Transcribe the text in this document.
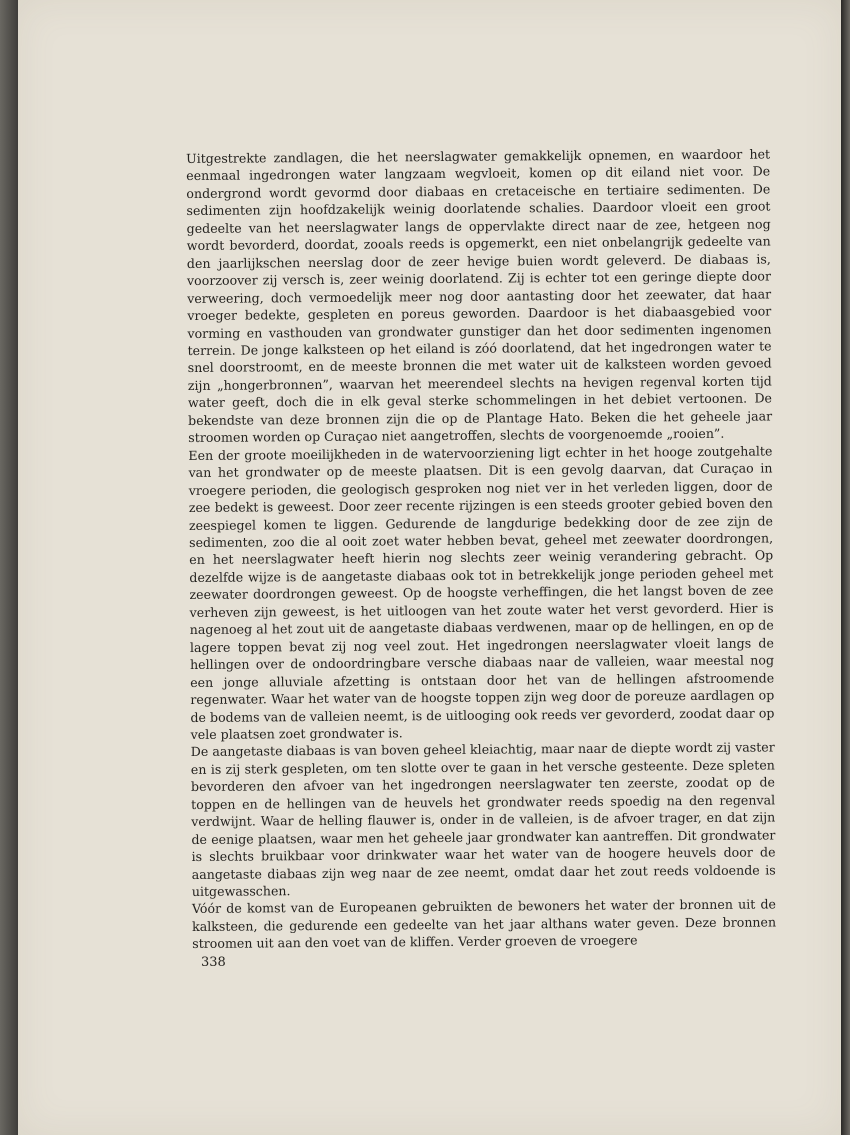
Uitgestrekte zandlagen, die het neerslagwater gemakkelijk opnemen, en waardoor het eenmaal ingedrongen water langzaam wegvloeit, komen op dit eiland niet voor. De ondergrond wordt gevormd door diabaas en cretaceische en tertiaire sedimenten. De sedimenten zijn hoofdzakelijk weinig doorlatende schalies. Daardoor vloeit een groot gedeelte van het neerslagwater langs de oppervlakte direct naar de zee, hetgeen nog wordt bevorderd, doordat, zooals reeds is opgemerkt, een niet onbelangrijk gedeelte van den jaarlijkschen neerslag door de zeer hevige buien wordt geleverd. De diabaas is, voorzoover zij versch is, zeer weinig doorlatend. Zij is echter tot een geringe diepte door verweering, doch vermoedelijk meer nog door aantasting door het zeewater, dat haar vroeger bedekte, gespleten en poreus geworden. Daardoor is het diabaasgebied voor vorming en vasthouden van grondwater gunstiger dan het door sedimenten ingenomen terrein. De jonge kalksteen op het eiland is zóó doorlatend, dat het ingedrongen water te snel doorstroomt, en de meeste bronnen die met water uit de kalksteen worden gevoed zijn „hongerbronnen”, waarvan het meerendeel slechts na hevigen regenval korten tijd water geeft, doch die in elk geval sterke schommelingen in het debiet vertoonen. De bekendste van deze bronnen zijn die op de Plantage Hato. Beken die het geheele jaar stroomen worden op Curaçao niet aangetroffen, slechts de voorgenoemde „rooien”.

Een der groote moeilijkheden in de watervoorziening ligt echter in het hooge zoutgehalte van het grondwater op de meeste plaatsen. Dit is een gevolg daarvan, dat Curaçao in vroegere perioden, die geologisch gesproken nog niet ver in het verleden liggen, door de zee bedekt is geweest. Door zeer recente rijzingen is een steeds grooter gebied boven den zeespiegel komen te liggen. Gedurende de langdurige bedekking door de zee zijn de sedimenten, zoo die al ooit zoet water hebben bevat, geheel met zeewater doordrongen, en het neerslagwater heeft hierin nog slechts zeer weinig verandering gebracht. Op dezelfde wijze is de aangetaste diabaas ook tot in betrekkelijk jonge perioden geheel met zeewater doordrongen geweest. Op de hoogste verheffingen, die het langst boven de zee verheven zijn geweest, is het uitloogen van het zoute water het verst gevorderd. Hier is nagenoeg al het zout uit de aangetaste diabaas verdwenen, maar op de hellingen, en op de lagere toppen bevat zij nog veel zout. Het ingedrongen neerslagwater vloeit langs de hellingen over de ondoordringbare versche diabaas naar de valleien, waar meestal nog een jonge alluviale afzetting is ontstaan door het van de hellingen afstroomende regenwater. Waar het water van de hoogste toppen zijn weg door de poreuze aardlagen op de bodems van de valleien neemt, is de uitlooging ook reeds ver gevorderd, zoodat daar op vele plaatsen zoet grondwater is.

De aangetaste diabaas is van boven geheel kleiachtig, maar naar de diepte wordt zij vaster en is zij sterk gespleten, om ten slotte over te gaan in het versche gesteente. Deze spleten bevorderen den afvoer van het ingedrongen neerslagwater ten zeerste, zoodat op de toppen en de hellingen van de heuvels het grondwater reeds spoedig na den regenval verdwijnt. Waar de helling flauwer is, onder in de valleien, is de afvoer trager, en dat zijn de eenige plaatsen, waar men het geheele jaar grondwater kan aantreffen. Dit grondwater is slechts bruikbaar voor drinkwater waar het water van de hoogere heuvels door de aangetaste diabaas zijn weg naar de zee neemt, omdat daar het zout reeds voldoende is uitgewasschen.

Vóór de komst van de Europeanen gebruikten de bewoners het water der bronnen uit de kalksteen, die gedurende een gedeelte van het jaar althans water geven. Deze bronnen stroomen uit aan den voet van de kliffen. Verder groeven de vroegere

338
